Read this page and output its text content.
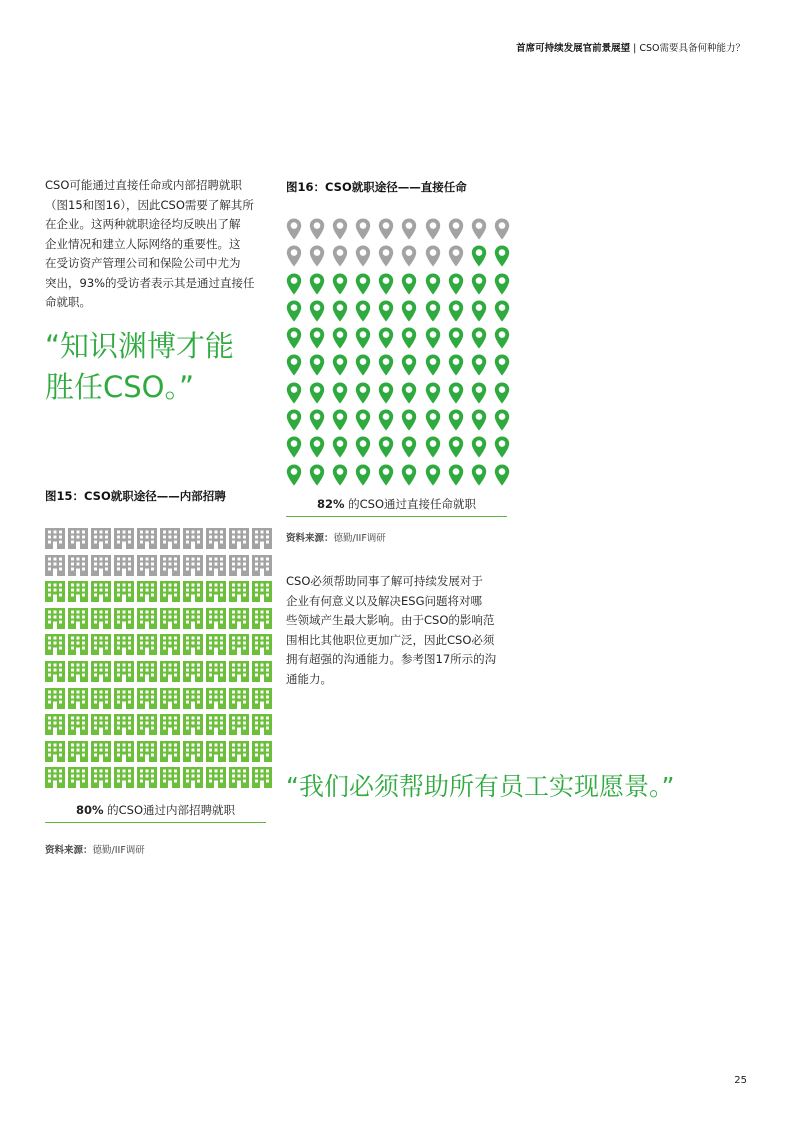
首席可持续发展官前景展望 | CSO需要具备何种能力？
CSO可能通过直接任命或内部招聘就职
（图15和图16），因此CSO需要了解其所
在企业。这两种就职途径均反映出了解
企业情况和建立人际网络的重要性。这
在受访资产管理公司和保险公司中尤为
突出，93%的受访者表示其是通过直接任
命就职。
“知识渊博才能
胜任CSO。”
图15：CSO就职途径——内部招聘
80% 的CSO通过内部招聘就职
资料来源：德勤/IIF调研
图16：CSO就职途径——直接任命
82% 的CSO通过直接任命就职
资料来源：德勤/IIF调研
CSO必须帮助同事了解可持续发展对于
企业有何意义以及解决ESG问题将对哪
些领域产生最大影响。由于CSO的影响范
围相比其他职位更加广泛，因此CSO必须
拥有超强的沟通能力。参考图17所示的沟
通能力。
“我们必须帮助所有员工实现愿景。”
25
